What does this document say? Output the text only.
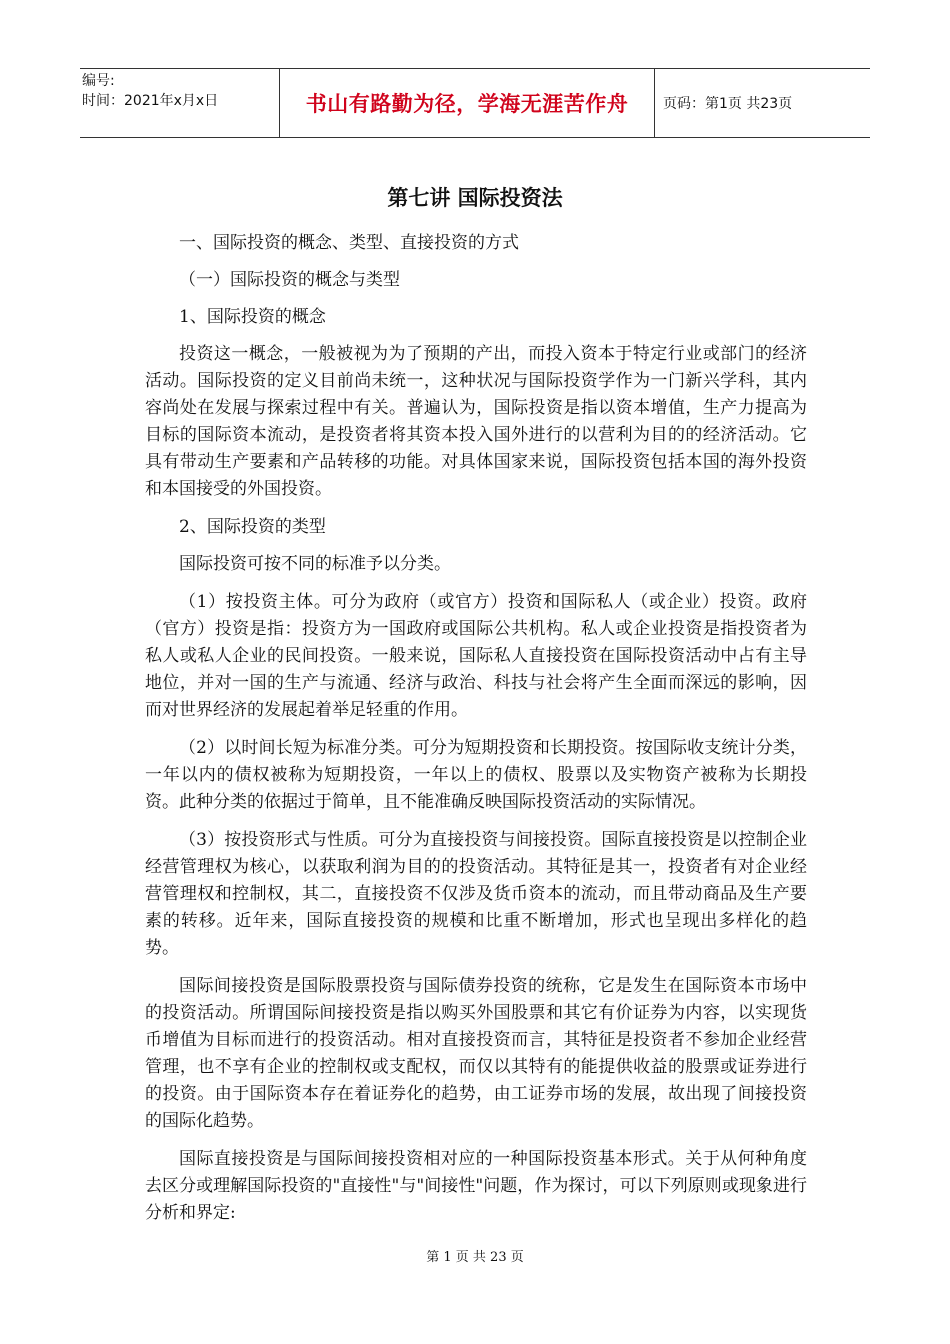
编号:
时间：2021年x月x日	书山有路勤为径，学海无涯苦作舟	页码：第1页 共23页
第七讲 国际投资法

一、国际投资的概念、类型、直接投资的方式

（一）国际投资的概念与类型

1、国际投资的概念

投资这一概念，一般被视为为了预期的产出，而投入资本于特定行业或部门的经济活动。国际投资的定义目前尚未统一，这种状况与国际投资学作为一门新兴学科，其内容尚处在发展与探索过程中有关。普遍认为，国际投资是指以资本增值，生产力提高为目标的国际资本流动，是投资者将其资本投入国外进行的以营利为目的的经济活动。它具有带动生产要素和产品转移的功能。对具体国家来说，国际投资包括本国的海外投资和本国接受的外国投资。

2、国际投资的类型

国际投资可按不同的标准予以分类。

（1）按投资主体。可分为政府（或官方）投资和国际私人（或企业）投资。政府（官方）投资是指：投资方为一国政府或国际公共机构。私人或企业投资是指投资者为私人或私人企业的民间投资。一般来说，国际私人直接投资在国际投资活动中占有主导地位，并对一国的生产与流通、经济与政治、科技与社会将产生全面而深远的影响，因而对世界经济的发展起着举足轻重的作用。

（2）以时间长短为标准分类。可分为短期投资和长期投资。按国际收支统计分类，一年以内的债权被称为短期投资，一年以上的债权、股票以及实物资产被称为长期投资。此种分类的依据过于简单，且不能准确反映国际投资活动的实际情况。

（3）按投资形式与性质。可分为直接投资与间接投资。国际直接投资是以控制企业经营管理权为核心，以获取利润为目的的投资活动。其特征是其一，投资者有对企业经营管理权和控制权，其二，直接投资不仅涉及货币资本的流动，而且带动商品及生产要素的转移。近年来，国际直接投资的规模和比重不断增加，形式也呈现出多样化的趋势。

国际间接投资是国际股票投资与国际债券投资的统称，它是发生在国际资本市场中的投资活动。所谓国际间接投资是指以购买外国股票和其它有价证券为内容，以实现货币增值为目标而进行的投资活动。相对直接投资而言，其特征是投资者不参加企业经营管理，也不享有企业的控制权或支配权，而仅以其特有的能提供收益的股票或证券进行的投资。由于国际资本存在着证券化的趋势，由工证券市场的发展，故出现了间接投资的国际化趋势。

国际直接投资是与国际间接投资相对应的一种国际投资基本形式。关于从何种角度去区分或理解国际投资的"直接性"与"间接性"问题，作为探讨，可以下列原则或现象进行分析和界定:

第 1 页 共 23 页
